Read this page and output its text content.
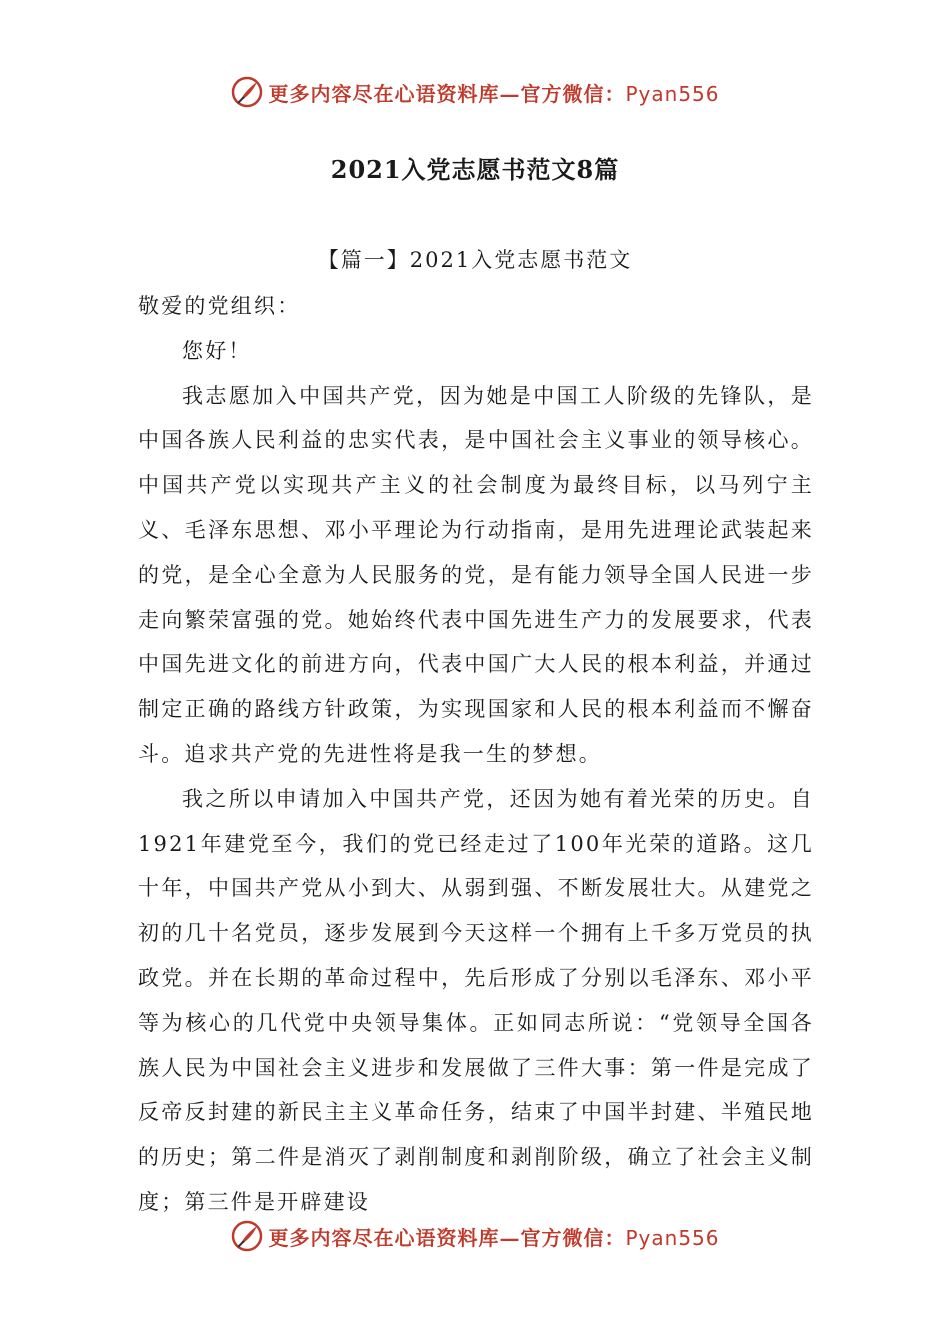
更多内容尽在心语资料库—官方微信：Pyan556
2021入党志愿书范文8篇
【篇一】2021入党志愿书范文

敬爱的党组织：

您好！

我志愿加入中国共产党，因为她是中国工人阶级的先锋队，是中国各族人民利益的忠实代表，是中国社会主义事业的领导核心。中国共产党以实现共产主义的社会制度为最终目标，以马列宁主义、毛泽东思想、邓小平理论为行动指南，是用先进理论武装起来的党，是全心全意为人民服务的党，是有能力领导全国人民进一步走向繁荣富强的党。她始终代表中国先进生产力的发展要求，代表中国先进文化的前进方向，代表中国广大人民的根本利益，并通过制定正确的路线方针政策，为实现国家和人民的根本利益而不懈奋斗。追求共产党的先进性将是我一生的梦想。

我之所以申请加入中国共产党，还因为她有着光荣的历史。自1921年建党至今，我们的党已经走过了100年光荣的道路。这几十年，中国共产党从小到大、从弱到强、不断发展壮大。从建党之初的几十名党员，逐步发展到今天这样一个拥有上千多万党员的执政党。并在长期的革命过程中，先后形成了分别以毛泽东、邓小平等为核心的几代党中央领导集体。正如同志所说：“党领导全国各族人民为中国社会主义进步和发展做了三件大事：第一件是完成了反帝反封建的新民主主义革命任务，结束了中国半封建、半殖民地的历史；第二件是消灭了剥削制度和剥削阶级，确立了社会主义制度；第三件是开辟建设

更多内容尽在心语资料库—官方微信：Pyan556
